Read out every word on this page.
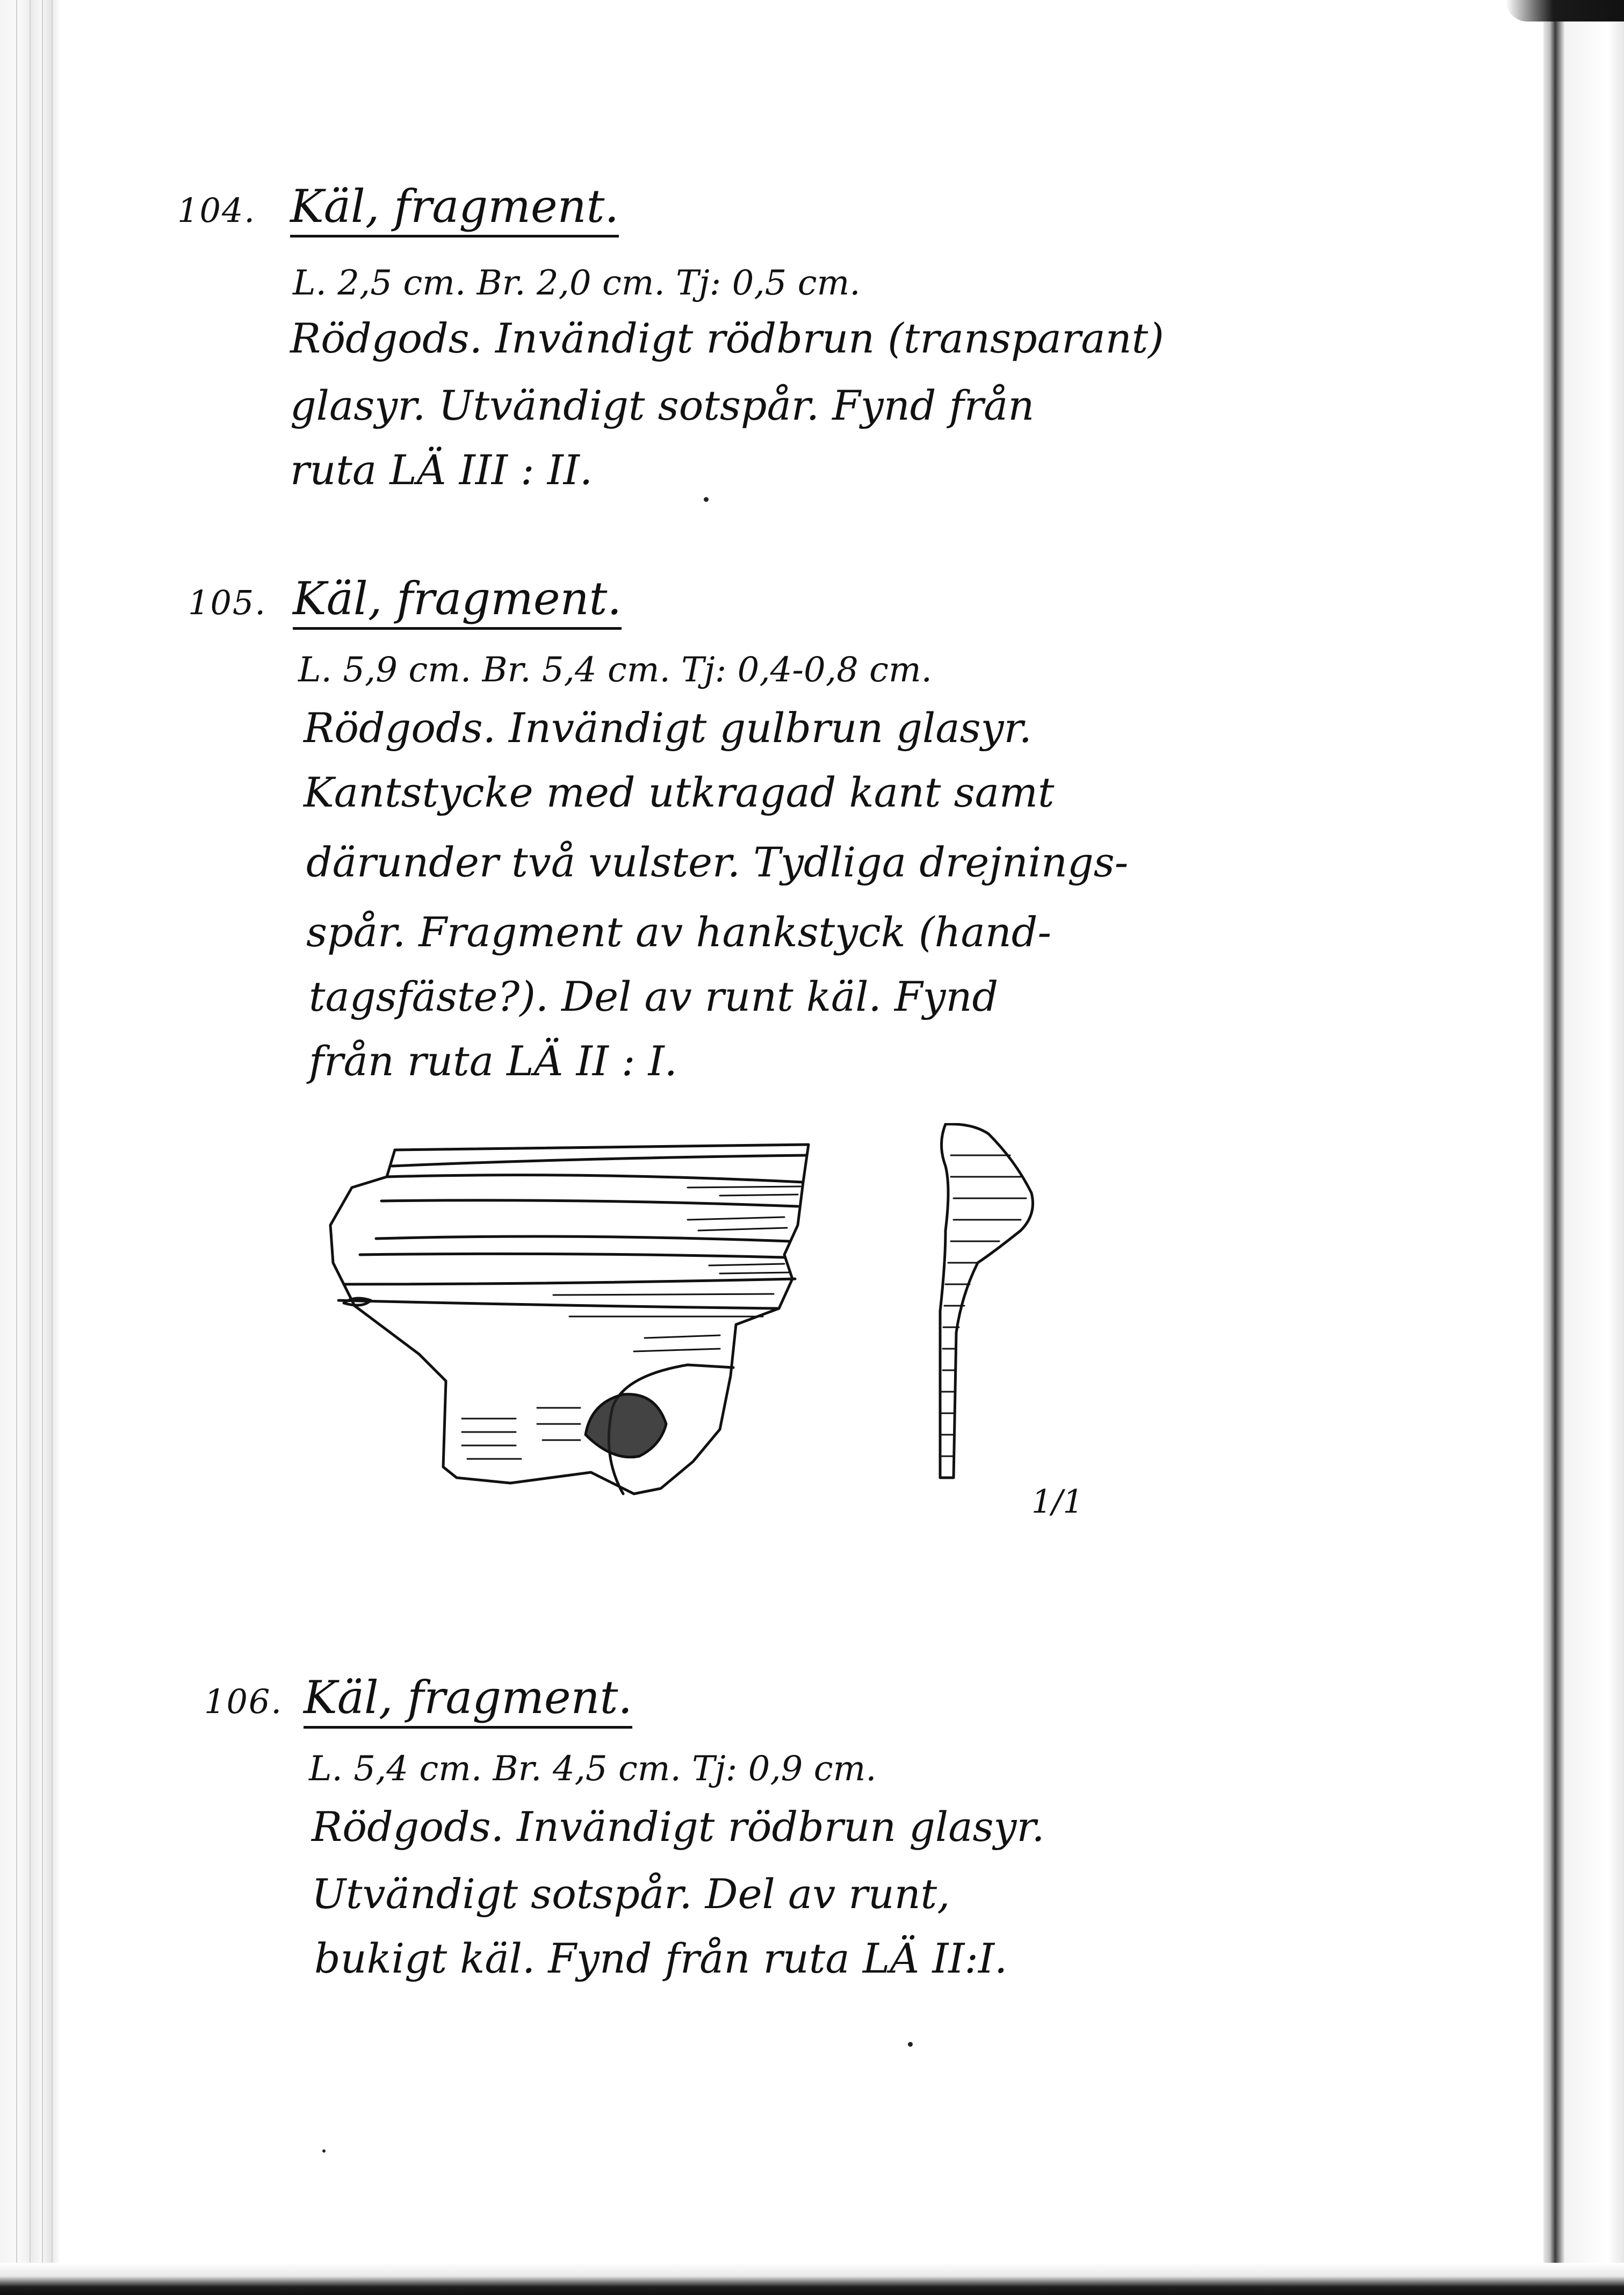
104. Käl, fragment.
L. 2,5 cm. Br. 2,0 cm. Tj: 0,5 cm.
Rödgods. Invändigt rödbrun (transparant)
glasyr. Utvändigt sotspår. Fynd från
rutа LÄ III : II.
105. Käl, fragment.
L. 5,9 cm. Br. 5,4 cm. Tj: 0,4-0,8 cm.
Rödgods. Invändigt gulbrun glasyr.
Kantstycke med utkragad kant samt
därunder två vulster. Tydliga drejnings-
spår. Fragment av hankstyck (hand-
tagsfäste?). Del av runt käl. Fynd
från ruta LÄ II : I.
1/1
106. Käl, fragment.
L. 5,4 cm. Br. 4,5 cm. Tj: 0,9 cm.
Rödgods. Invändigt rödbrun glasyr.
Utvändigt sotspår. Del av runt,
bukigt käl. Fynd från ruta LÄ II:I.
